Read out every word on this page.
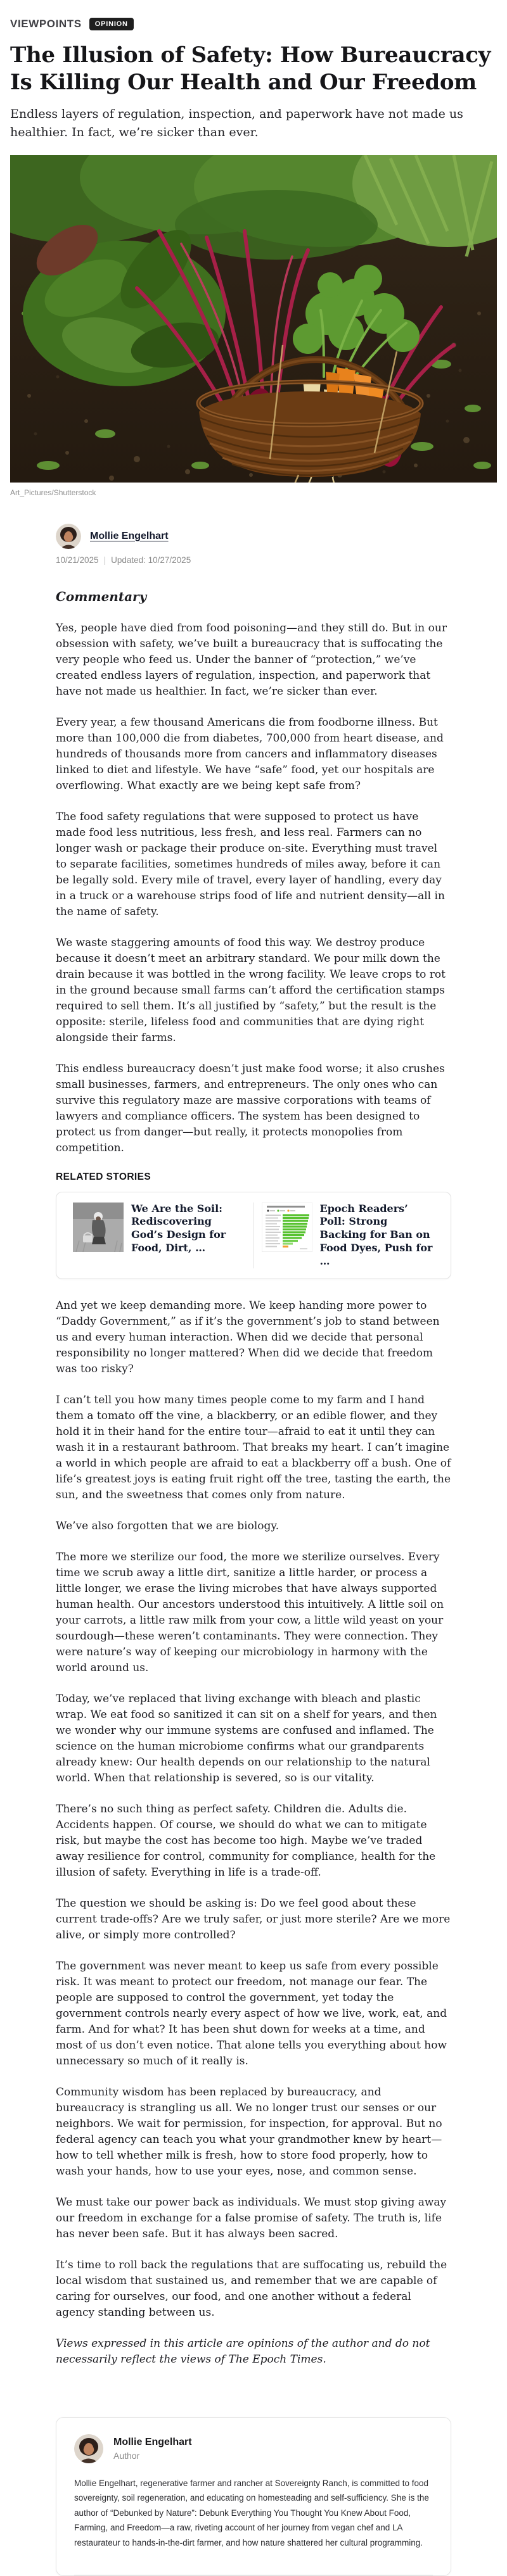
VIEWPOINTS	OPINION
The Illusion of Safety: How Bureaucracy Is Killing Our Health and Our Freedom

Endless layers of regulation, inspection, and paperwork have not made us healthier. In fact, we’re sicker than ever.

Art_Pictures/Shutterstock
Mollie Engelhart
10/21/2025 | Updated: 10/27/2025

Commentary

Yes, people have died from food poisoning—and they still do. But in our obsession with safety, we’ve built a bureaucracy that is suffocating the very people who feed us. Under the banner of “protection,” we’ve created endless layers of regulation, inspection, and paperwork that have not made us healthier. In fact, we’re sicker than ever.

Every year, a few thousand Americans die from foodborne illness. But more than 100,000 die from diabetes, 700,000 from heart disease, and hundreds of thousands more from cancers and inflammatory diseases linked to diet and lifestyle. We have “safe” food, yet our hospitals are overflowing. What exactly are we being kept safe from?

The food safety regulations that were supposed to protect us have made food less nutritious, less fresh, and less real. Farmers can no longer wash or package their produce on-site. Everything must travel to separate facilities, sometimes hundreds of miles away, before it can be legally sold. Every mile of travel, every layer of handling, every day in a truck or a warehouse strips food of life and nutrient density—all in the name of safety.

We waste staggering amounts of food this way. We destroy produce because it doesn’t meet an arbitrary standard. We pour milk down the drain because it was bottled in the wrong facility. We leave crops to rot in the ground because small farms can’t afford the certification stamps required to sell them. It’s all justified by “safety,” but the result is the opposite: sterile, lifeless food and communities that are dying right alongside their farms.

This endless bureaucracy doesn’t just make food worse; it also crushes small businesses, farmers, and entrepreneurs. The only ones who can survive this regulatory maze are massive corporations with teams of lawyers and compliance officers. The system has been designed to protect us from danger—but really, it protects monopolies from competition.

RELATED STORIES
We Are the Soil: Rediscovering God’s Design for Food, Dirt, …
Epoch Readers’ Poll: Strong Backing for Ban on Food Dyes, Push for …

And yet we keep demanding more. We keep handing more power to “Daddy Government,” as if it’s the government’s job to stand between us and every human interaction. When did we decide that personal responsibility no longer mattered? When did we decide that freedom was too risky?

I can’t tell you how many times people come to my farm and I hand them a tomato off the vine, a blackberry, or an edible flower, and they hold it in their hand for the entire tour—afraid to eat it until they can wash it in a restaurant bathroom. That breaks my heart. I can’t imagine a world in which people are afraid to eat a blackberry off a bush. One of life’s greatest joys is eating fruit right off the tree, tasting the earth, the sun, and the sweetness that comes only from nature.

We’ve also forgotten that we are biology.

The more we sterilize our food, the more we sterilize ourselves. Every time we scrub away a little dirt, sanitize a little harder, or process a little longer, we erase the living microbes that have always supported human health. Our ancestors understood this intuitively. A little soil on your carrots, a little raw milk from your cow, a little wild yeast on your sourdough—these weren’t contaminants. They were connection. They were nature’s way of keeping our microbiology in harmony with the world around us.

Today, we’ve replaced that living exchange with bleach and plastic wrap. We eat food so sanitized it can sit on a shelf for years, and then we wonder why our immune systems are confused and inflamed. The science on the human microbiome confirms what our grandparents already knew: Our health depends on our relationship to the natural world. When that relationship is severed, so is our vitality.

There’s no such thing as perfect safety. Children die. Adults die. Accidents happen. Of course, we should do what we can to mitigate risk, but maybe the cost has become too high. Maybe we’ve traded away resilience for control, community for compliance, health for the illusion of safety. Everything in life is a trade-off.

The question we should be asking is: Do we feel good about these current trade-offs? Are we truly safer, or just more sterile? Are we more alive, or simply more controlled?

The government was never meant to keep us safe from every possible risk. It was meant to protect our freedom, not manage our fear. The people are supposed to control the government, yet today the government controls nearly every aspect of how we live, work, eat, and farm. And for what? It has been shut down for weeks at a time, and most of us don’t even notice. That alone tells you everything about how unnecessary so much of it really is.

Community wisdom has been replaced by bureaucracy, and bureaucracy is strangling us all. We no longer trust our senses or our neighbors. We wait for permission, for inspection, for approval. But no federal agency can teach you what your grandmother knew by heart—how to tell whether milk is fresh, how to store food properly, how to wash your hands, how to use your eyes, nose, and common sense.

We must take our power back as individuals. We must stop giving away our freedom in exchange for a false promise of safety. The truth is, life has never been safe. But it has always been sacred.

It’s time to roll back the regulations that are suffocating us, rebuild the local wisdom that sustained us, and remember that we are capable of caring for ourselves, our food, and one another without a federal agency standing between us.

Views expressed in this article are opinions of the author and do not necessarily reflect the views of The Epoch Times.

Mollie Engelhart
Author

Mollie Engelhart, regenerative farmer and rancher at Sovereignty Ranch, is committed to food sovereignty, soil regeneration, and educating on homesteading and self-sufficiency. She is the author of “Debunked by Nature”: Debunk Everything You Thought You Knew About Food, Farming, and Freedom—a raw, riveting account of her journey from vegan chef and LA restaurateur to hands-in-the-dirt farmer, and how nature shattered her cultural programming.
